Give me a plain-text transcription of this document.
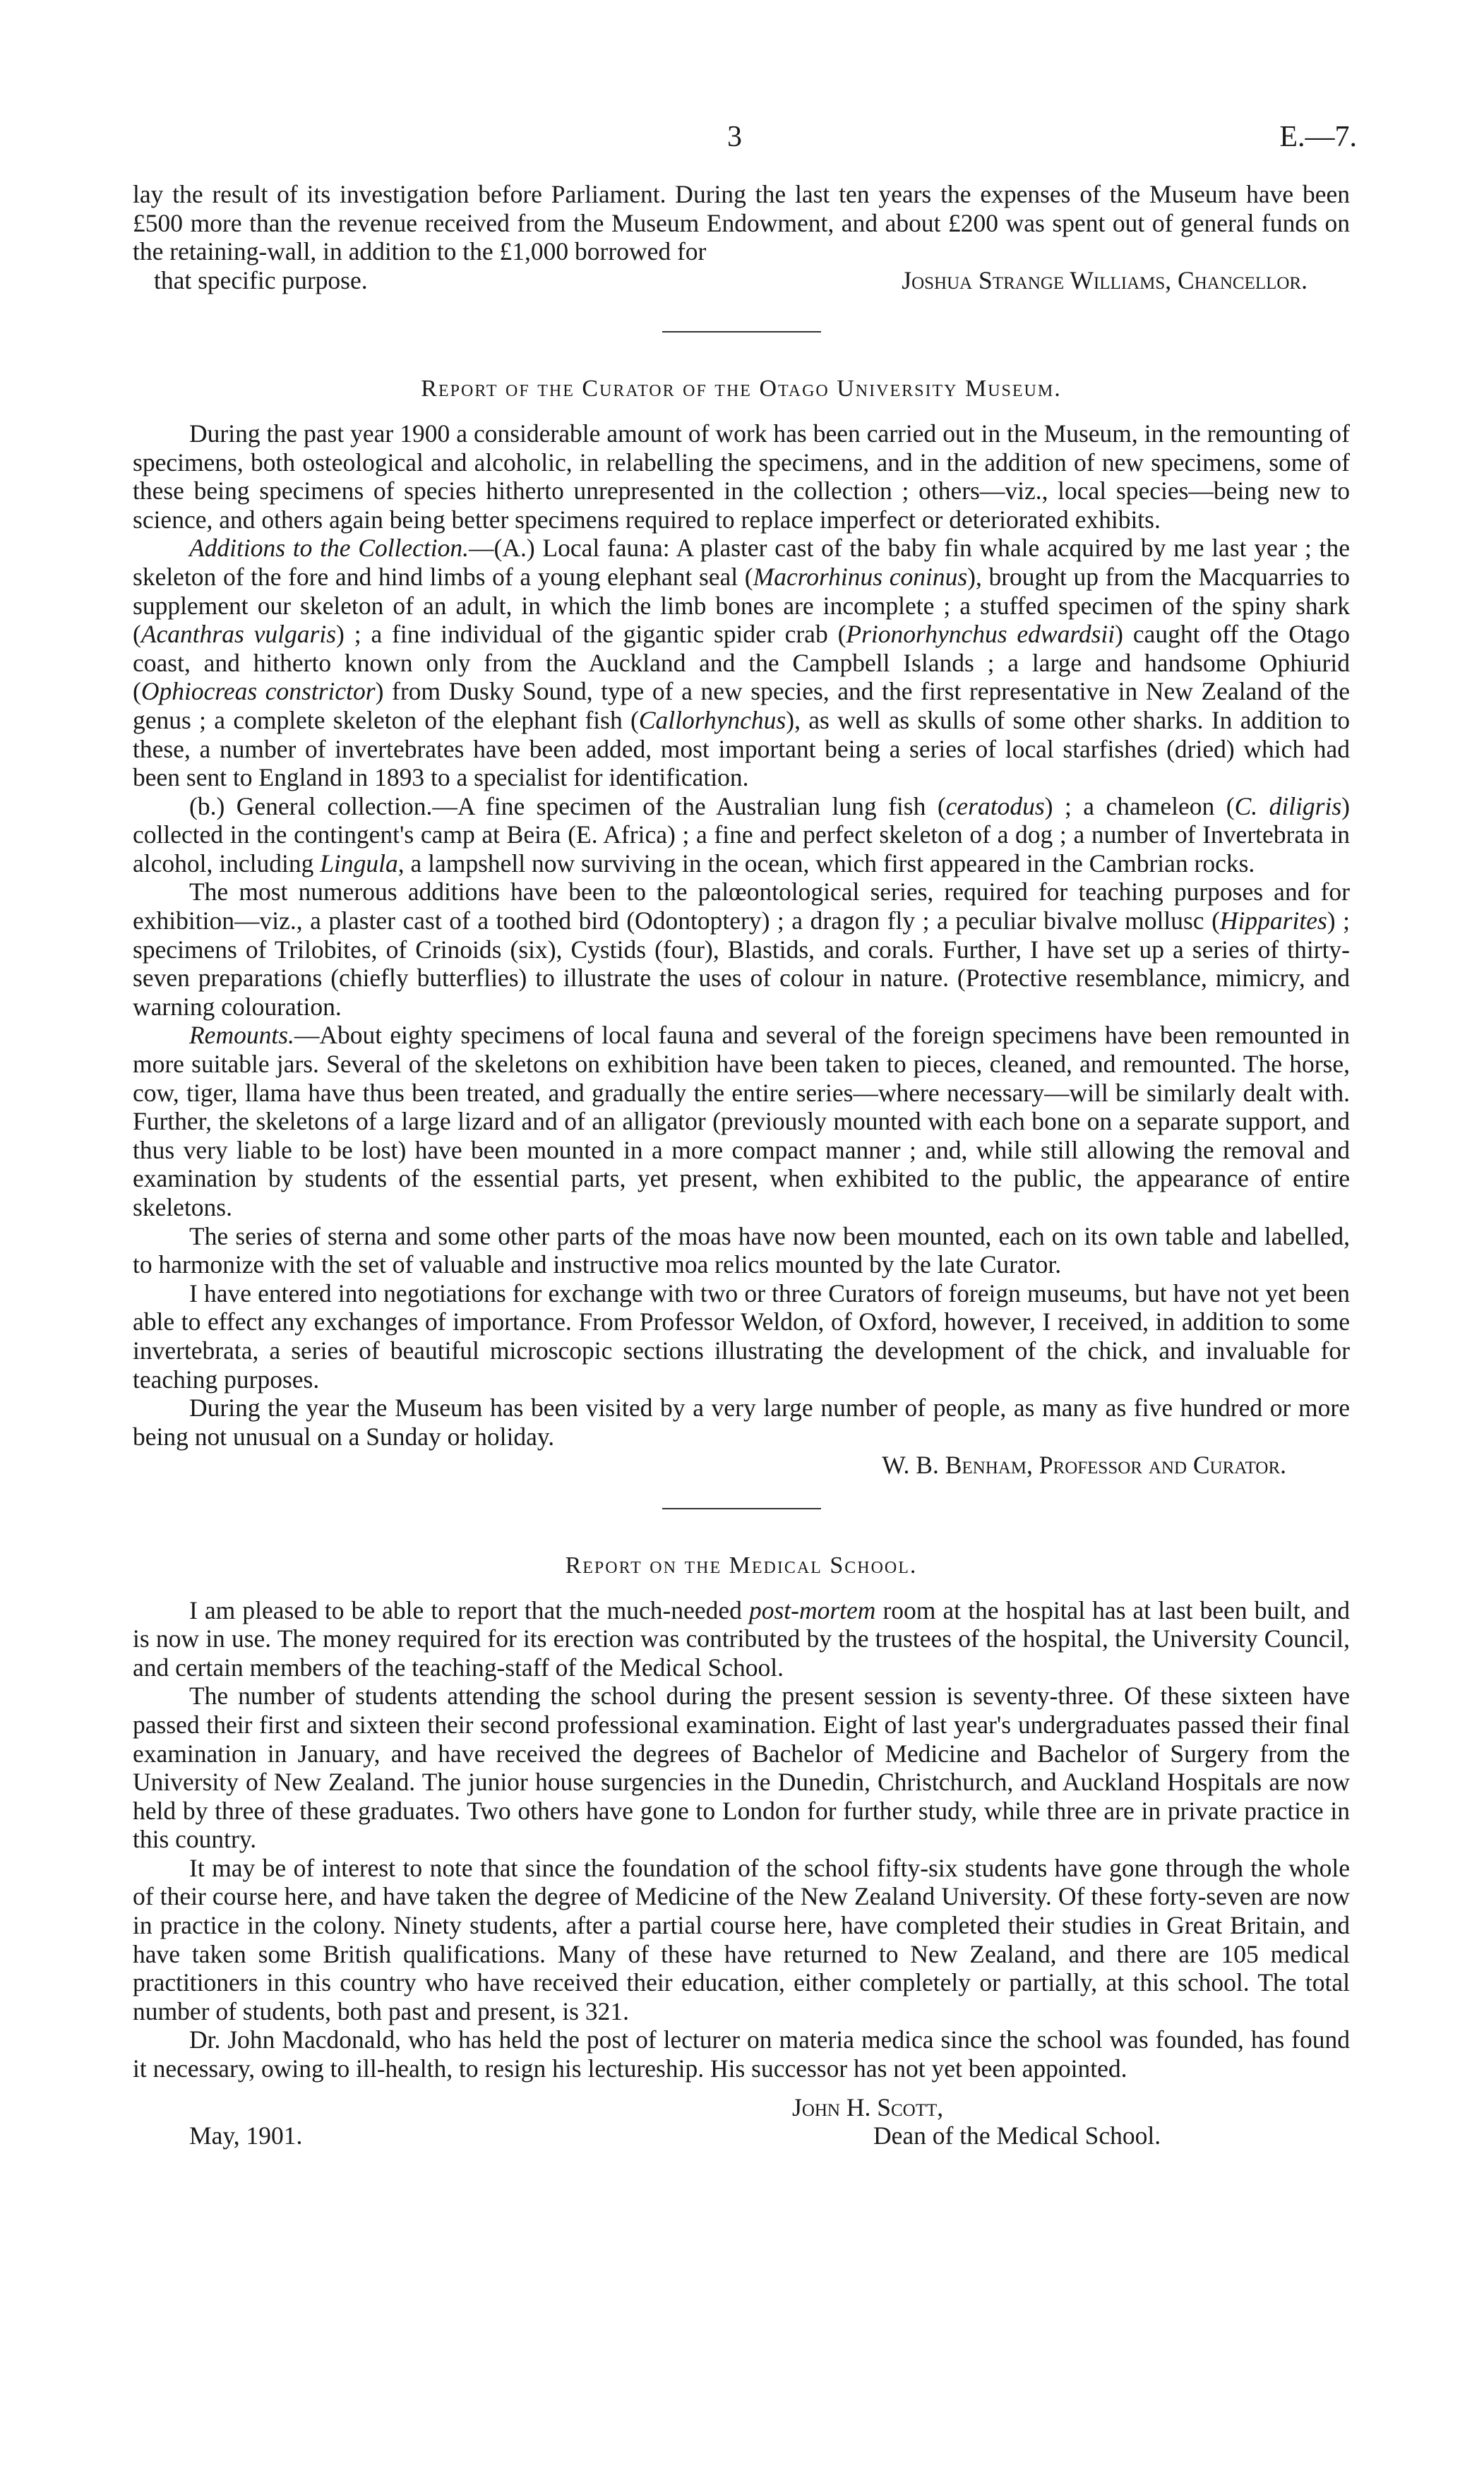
3	E.—7.

lay the result of its investigation before Parliament. During the last ten years the expenses of the Museum have been £500 more than the revenue received from the Museum Endowment, and about £200 was spent out of general funds on the retaining-wall, in addition to the £1,000 borrowed for

that specific purpose.	Joshua Strange Williams, Chancellor.
Report of the Curator of the Otago University Museum.

During the past year 1900 a considerable amount of work has been carried out in the Museum, in the remounting of specimens, both osteological and alcoholic, in relabelling the specimens, and in the addition of new specimens, some of these being specimens of species hitherto unrepresented in the collection ; others—viz., local species—being new to science, and others again being better specimens required to replace imperfect or deteriorated exhibits.

Additions to the Collection.—(A.) Local fauna: A plaster cast of the baby fin whale acquired by me last year ; the skeleton of the fore and hind limbs of a young elephant seal (Macrorhinus coninus), brought up from the Macquarries to supplement our skeleton of an adult, in which the limb bones are incomplete ; a stuffed specimen of the spiny shark (Acanthras vulgaris) ; a fine individual of the gigantic spider crab (Prionorhynchus edwardsii) caught off the Otago coast, and hitherto known only from the Auckland and the Campbell Islands ; a large and handsome Ophiurid (Ophiocreas constrictor) from Dusky Sound, type of a new species, and the first representative in New Zealand of the genus ; a complete skeleton of the elephant fish (Callorhynchus), as well as skulls of some other sharks. In addition to these, a number of invertebrates have been added, most important being a series of local starfishes (dried) which had been sent to England in 1893 to a specialist for identification.

(b.) General collection.—A fine specimen of the Australian lung fish (ceratodus) ; a chameleon (C. diligris) collected in the contingent's camp at Beira (E. Africa) ; a fine and perfect skeleton of a dog ; a number of Invertebrata in alcohol, including Lingula, a lampshell now surviving in the ocean, which first appeared in the Cambrian rocks.

The most numerous additions have been to the palœontological series, required for teaching purposes and for exhibition—viz., a plaster cast of a toothed bird (Odontoptery) ; a dragon fly ; a peculiar bivalve mollusc (Hipparites) ; specimens of Trilobites, of Crinoids (six), Cystids (four), Blastids, and corals. Further, I have set up a series of thirty-seven preparations (chiefly butterflies) to illustrate the uses of colour in nature. (Protective resemblance, mimicry, and warning colouration.

Remounts.—About eighty specimens of local fauna and several of the foreign specimens have been remounted in more suitable jars. Several of the skeletons on exhibition have been taken to pieces, cleaned, and remounted. The horse, cow, tiger, llama have thus been treated, and gradually the entire series—where necessary—will be similarly dealt with. Further, the skeletons of a large lizard and of an alligator (previously mounted with each bone on a separate support, and thus very liable to be lost) have been mounted in a more compact manner ; and, while still allowing the removal and examination by students of the essential parts, yet present, when exhibited to the public, the appearance of entire skeletons.

The series of sterna and some other parts of the moas have now been mounted, each on its own table and labelled, to harmonize with the set of valuable and instructive moa relics mounted by the late Curator.

I have entered into negotiations for exchange with two or three Curators of foreign museums, but have not yet been able to effect any exchanges of importance. From Professor Weldon, of Oxford, however, I received, in addition to some invertebrata, a series of beautiful microscopic sections illustrating the development of the chick, and invaluable for teaching purposes.

During the year the Museum has been visited by a very large number of people, as many as five hundred or more being not unusual on a Sunday or holiday.

W. B. Benham, Professor and Curator.

Report on the Medical School.

I am pleased to be able to report that the much-needed post-mortem room at the hospital has at last been built, and is now in use. The money required for its erection was contributed by the trustees of the hospital, the University Council, and certain members of the teaching-staff of the Medical School.

The number of students attending the school during the present session is seventy-three. Of these sixteen have passed their first and sixteen their second professional examination. Eight of last year's undergraduates passed their final examination in January, and have received the degrees of Bachelor of Medicine and Bachelor of Surgery from the University of New Zealand. The junior house surgencies in the Dunedin, Christchurch, and Auckland Hospitals are now held by three of these graduates. Two others have gone to London for further study, while three are in private practice in this country.

It may be of interest to note that since the foundation of the school fifty-six students have gone through the whole of their course here, and have taken the degree of Medicine of the New Zealand University. Of these forty-seven are now in practice in the colony. Ninety students, after a partial course here, have completed their studies in Great Britain, and have taken some British qualifications. Many of these have returned to New Zealand, and there are 105 medical practitioners in this country who have received their education, either completely or partially, at this school. The total number of students, both past and present, is 321.

Dr. John Macdonald, who has held the post of lecturer on materia medica since the school was founded, has found it necessary, owing to ill-health, to resign his lectureship. His successor has not yet been appointed.

May, 1901.
John H. Scott,
Dean of the Medical School.
